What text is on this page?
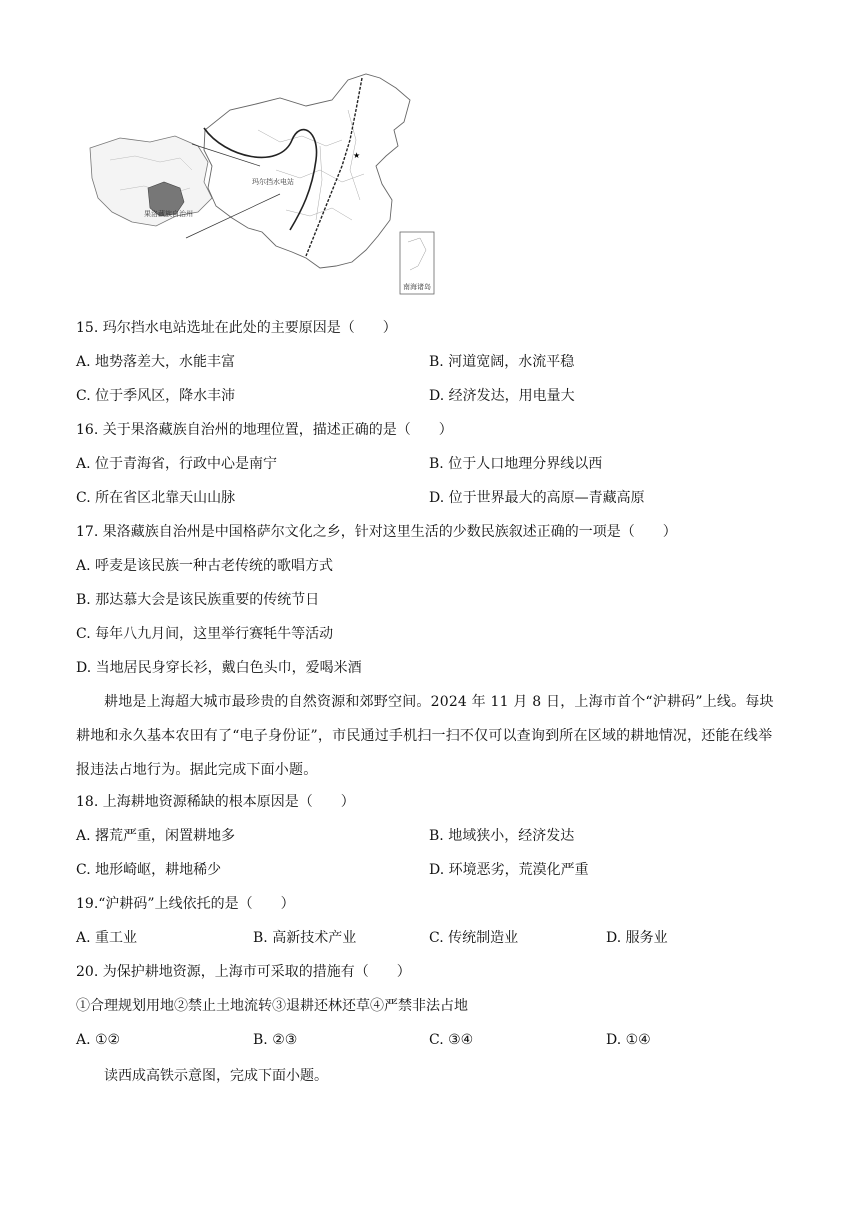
★
玛尔挡水电站
果洛藏族自治州
南海诸岛
15. 玛尔挡水电站选址在此处的主要原因是（　　）
A. 地势落差大，水能丰富	B. 河道宽阔，水流平稳
C. 位于季风区，降水丰沛	D. 经济发达，用电量大
16. 关于果洛藏族自治州的地理位置，描述正确的是（　　）
A. 位于青海省，行政中心是南宁	B. 位于人口地理分界线以西
C. 所在省区北靠天山山脉	D. 位于世界最大的高原—青藏高原
17. 果洛藏族自治州是中国格萨尔文化之乡，针对这里生活的少数民族叙述正确的一项是（　　）
A. 呼麦是该民族一种古老传统的歌唱方式
B. 那达慕大会是该民族重要的传统节日
C. 每年八九月间，这里举行赛牦牛等活动
D. 当地居民身穿长衫，戴白色头巾，爱喝米酒
耕地是上海超大城市最珍贵的自然资源和郊野空间。2024 年 11 月 8 日，上海市首个“沪耕码”上线。每块耕地和永久基本农田有了“电子身份证”，市民通过手机扫一扫不仅可以查询到所在区域的耕地情况，还能在线举报违法占地行为。据此完成下面小题。
18. 上海耕地资源稀缺的根本原因是（　　）
A. 撂荒严重，闲置耕地多	B. 地域狭小，经济发达
C. 地形崎岖，耕地稀少	D. 环境恶劣，荒漠化严重
19.“沪耕码”上线依托的是（　　）
A. 重工业	B. 高新技术产业	C. 传统制造业	D. 服务业
20. 为保护耕地资源，上海市可采取的措施有（　　）
①合理规划用地②禁止土地流转③退耕还林还草④严禁非法占地
A. ①②	B. ②③	C. ③④	D. ①④
读西成高铁示意图，完成下面小题。
